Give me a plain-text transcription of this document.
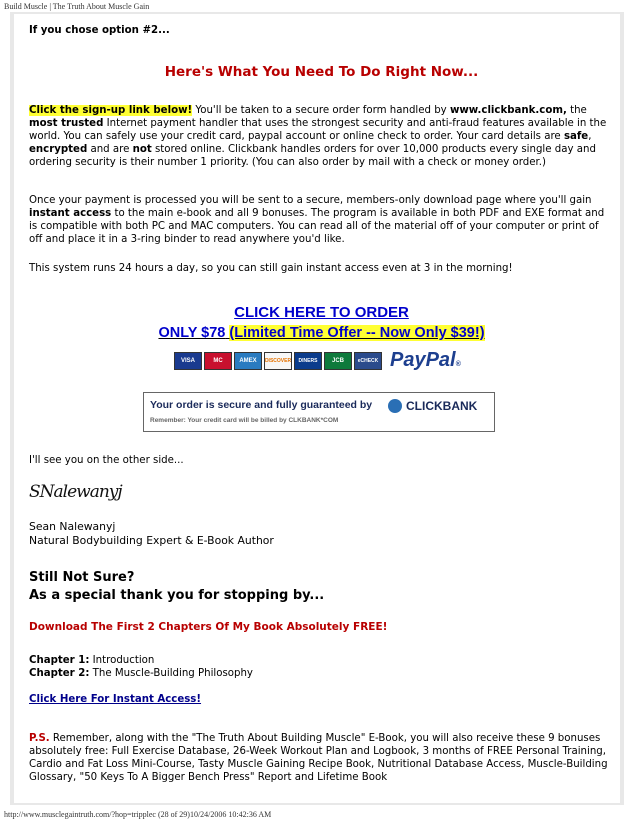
Build Muscle | The Truth About Muscle Gain
If you chose option #2...
Here's What You Need To Do Right Now...

Click the sign-up link below! You'll be taken to a secure order form handled by www.clickbank.com, the most trusted Internet payment handler that uses the strongest security and anti-fraud features available in the world. You can safely use your credit card, paypal account or online check to order. Your card details are safe, encrypted and are not stored online. Clickbank handles orders for over 10,000 products every single day and ordering security is their number 1 priority. (You can also order by mail with a check or money order.)

Once your payment is processed you will be sent to a secure, members-only download page where you'll gain instant access to the main e-book and all 9 bonuses. The program is available in both PDF and EXE format and is compatible with both PC and MAC computers. You can read all of the material off of your computer or print of off and place it in a 3-ring binder to read anywhere you'd like.

This system runs 24 hours a day, so you can still gain instant access even at 3 in the morning!

CLICK HERE TO ORDER
ONLY $78 (Limited Time Offer -- Now Only $39!)
VISA	MC	AMEX	DISCOVER	DINERS	JCB	eCHECK PayPal®
Your order is secure and fully guaranteed by
Remember: Your credit card will be billed by CLKBANK*COM
CLICKBANK

I'll see you on the other side...

SNalewanyj

Sean Nalewanyj

Natural Bodybuilding Expert & E-Book Author

Still Not Sure?
As a special thank you for stopping by...
Download The First 2 Chapters Of My Book Absolutely FREE!

Chapter 1: Introduction

Chapter 2: The Muscle-Building Philosophy

Click Here For Instant Access!

P.S. Remember, along with the "The Truth About Building Muscle" E-Book, you will also receive these 9 bonuses absolutely free: Full Exercise Database, 26-Week Workout Plan and Logbook, 3 months of FREE Personal Training, Cardio and Fat Loss Mini-Course, Tasty Muscle Gaining Recipe Book, Nutritional Database Access, Muscle-Building Glossary, "50 Keys To A Bigger Bench Press" Report and Lifetime Book

http://www.musclegaintruth.com/?hop=tripplec (28 of 29)10/24/2006 10:42:36 AM
